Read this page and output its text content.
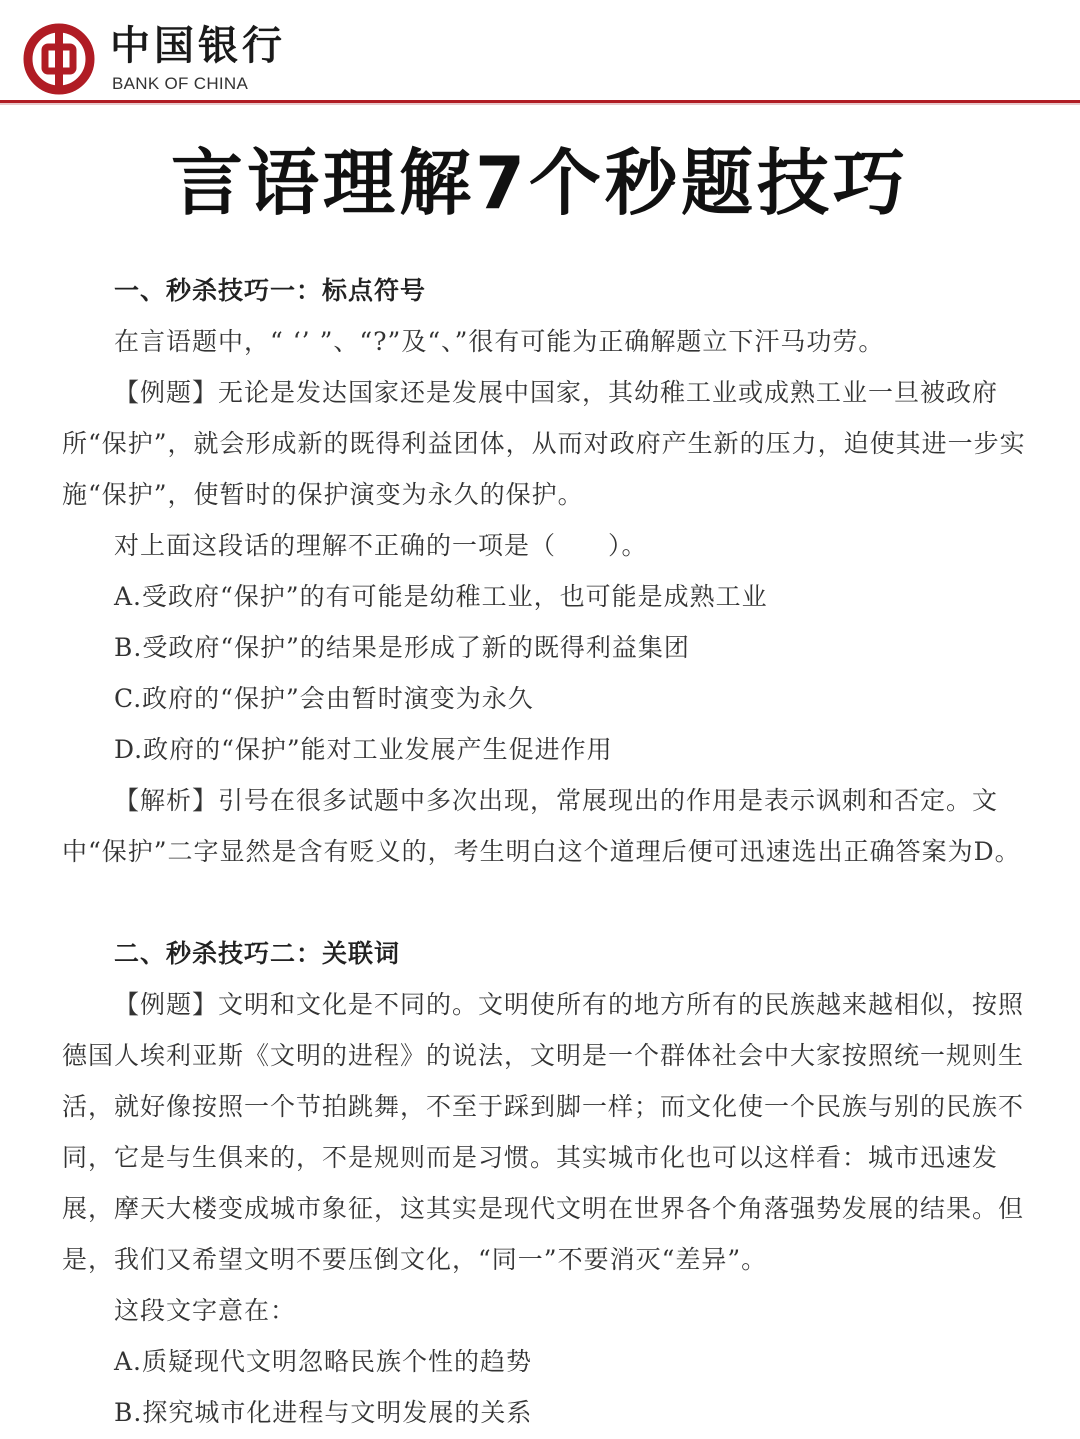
中国银行
BANK OF CHINA
言语理解7个秒题技巧

一、秒杀技巧一：标点符号

在言语题中，“ ‘’ ”、“?”及“、”很有可能为正确解题立下汗马功劳。

【例题】无论是发达国家还是发展中国家，其幼稚工业或成熟工业一旦被政府所“保护”，就会形成新的既得利益团体，从而对政府产生新的压力，迫使其进一步实施“保护”，使暂时的保护演变为永久的保护。

对上面这段话的理解不正确的一项是（　　）。

A.受政府“保护”的有可能是幼稚工业，也可能是成熟工业

B.受政府“保护”的结果是形成了新的既得利益集团

C.政府的“保护”会由暂时演变为永久

D.政府的“保护”能对工业发展产生促进作用

【解析】引号在很多试题中多次出现，常展现出的作用是表示讽刺和否定。文中“保护”二字显然是含有贬义的，考生明白这个道理后便可迅速选出正确答案为D。

二、秒杀技巧二：关联词

【例题】文明和文化是不同的。文明使所有的地方所有的民族越来越相似，按照德国人埃利亚斯《文明的进程》的说法，文明是一个群体社会中大家按照统一规则生活，就好像按照一个节拍跳舞，不至于踩到脚一样；而文化使一个民族与别的民族不同，它是与生俱来的，不是规则而是习惯。其实城市化也可以这样看：城市迅速发展，摩天大楼变成城市象征，这其实是现代文明在世界各个角落强势发展的结果。但是，我们又希望文明不要压倒文化，“同一”不要消灭“差异”。

这段文字意在：

A.质疑现代文明忽略民族个性的趋势

B.探究城市化进程与文明发展的关系
